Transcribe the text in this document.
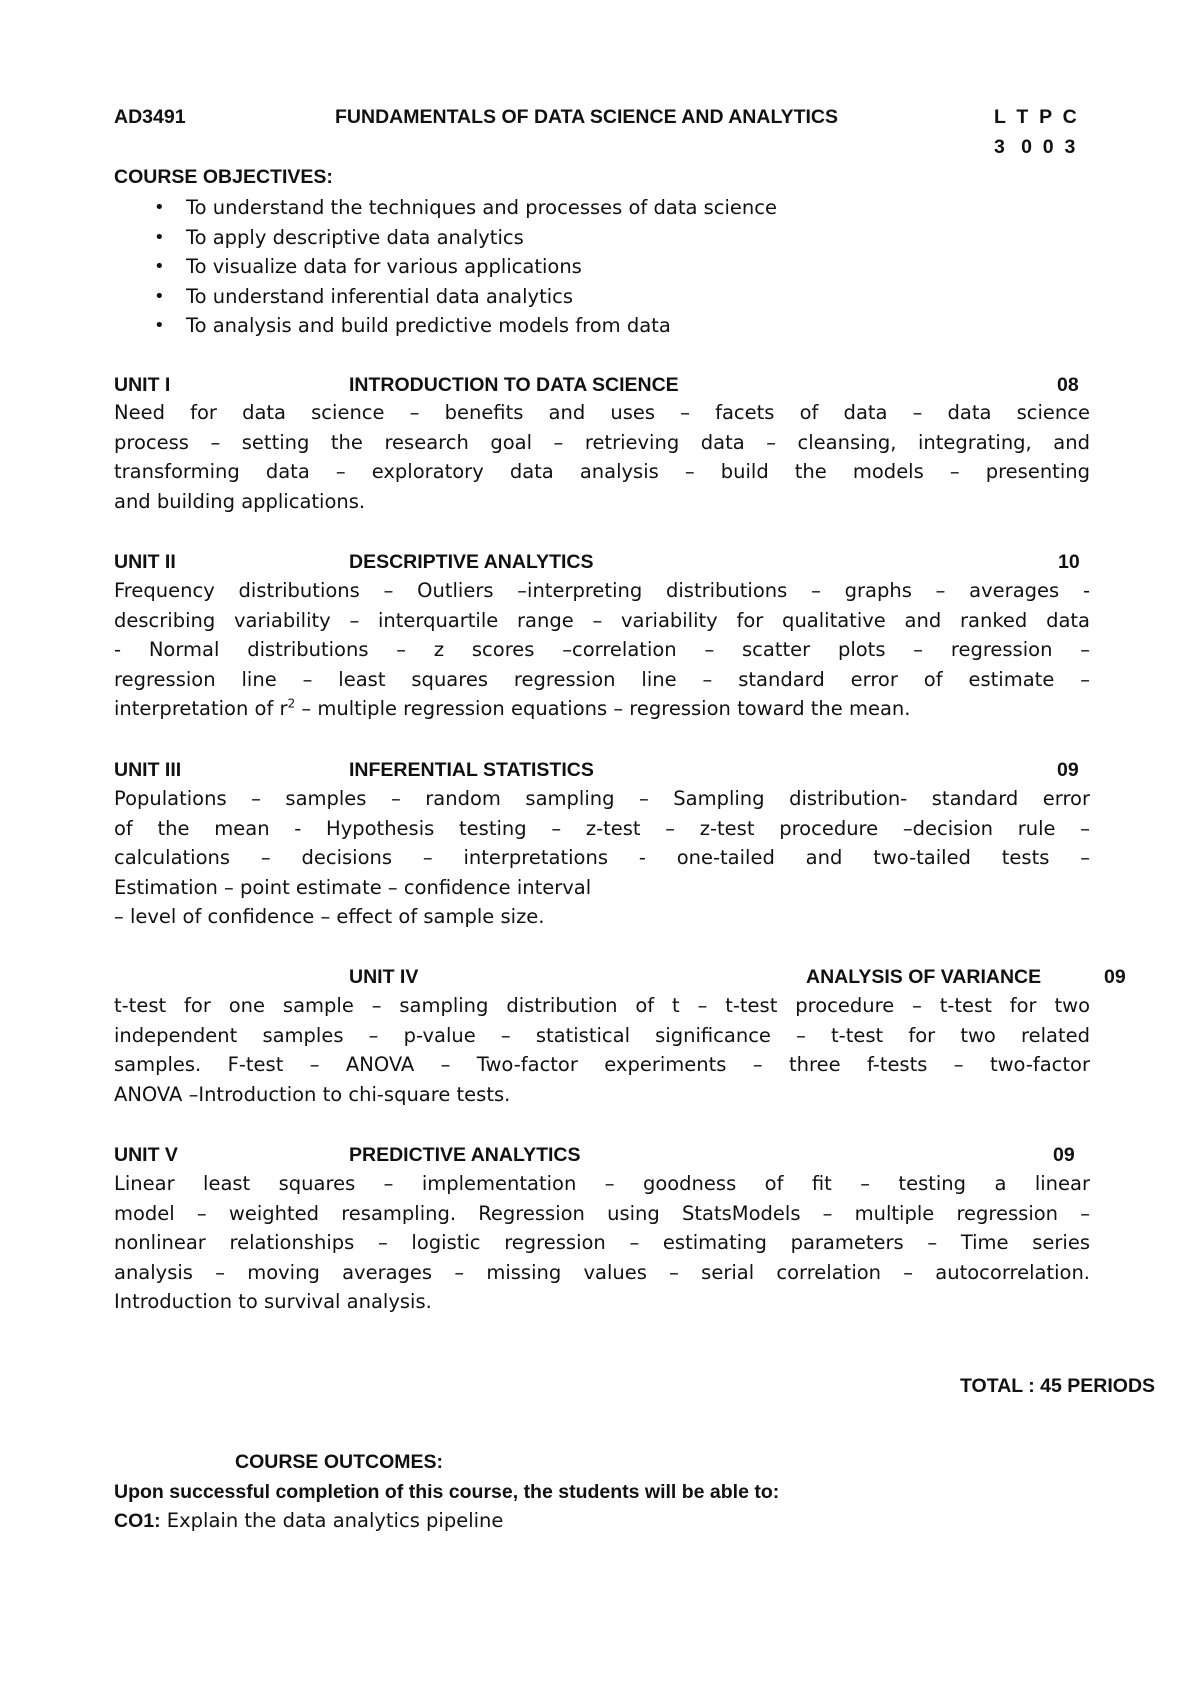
AD3491	FUNDAMENTALS OF DATA SCIENCE AND ANALYTICS	L  T  P  C
3   0  0  3
COURSE OBJECTIVES:
• To understand the techniques and processes of data science
• To apply descriptive data analytics
• To visualize data for various applications
• To understand inferential data analytics
• To analysis and build predictive models from data
UNIT I	INTRODUCTION TO DATA SCIENCE	08
Need for data science – benefits and uses – facets of data – data science
process – setting the research goal – retrieving data – cleansing, integrating, and
transforming data – exploratory data analysis – build the models – presenting
and building applications.
UNIT II	DESCRIPTIVE ANALYTICS	10
Frequency distributions – Outliers –interpreting distributions – graphs – averages -
describing variability – interquartile range – variability for qualitative and ranked data
- Normal distributions – z scores –correlation – scatter plots – regression –
regression line – least squares regression line – standard error of estimate –
interpretation of $r^2$ – multiple regression equations – regression toward the mean.
UNIT III	INFERENTIAL STATISTICS	09
Populations – samples – random sampling – Sampling distribution- standard error
of the mean - Hypothesis testing – z-test – z-test procedure –decision rule –
calculations – decisions – interpretations - one-tailed and two-tailed tests –
Estimation – point estimate – confidence interval
– level of confidence – effect of sample size.
UNIT IV	ANALYSIS OF VARIANCE	09
t-test for one sample – sampling distribution of t – t-test procedure – t-test for two
independent samples – p-value – statistical significance – t-test for two related
samples. F-test – ANOVA – Two-factor experiments – three f-tests – two-factor
ANOVA –Introduction to chi-square tests.
UNIT V	PREDICTIVE ANALYTICS	09
Linear least squares – implementation – goodness of fit – testing a linear
model – weighted resampling. Regression using StatsModels – multiple regression –
nonlinear relationships – logistic regression – estimating parameters – Time series
analysis – moving averages – missing values – serial correlation – autocorrelation.
Introduction to survival analysis.
TOTAL : 45 PERIODS
COURSE OUTCOMES:
Upon successful completion of this course, the students will be able to:
CO1: Explain the data analytics pipeline
